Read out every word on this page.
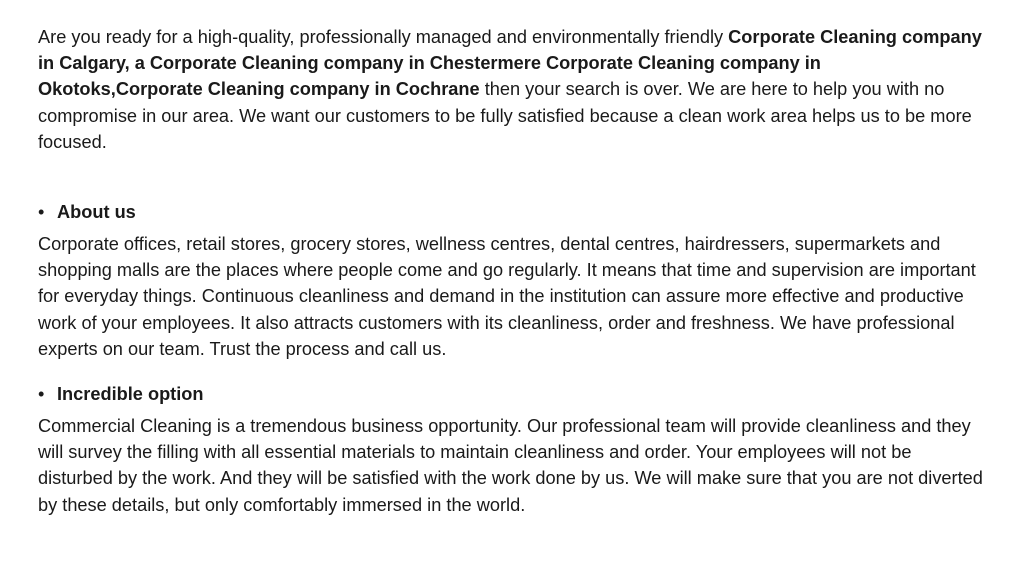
Are you ready for a high-quality, professionally managed and environmentally friendly Corporate Cleaning company in Calgary, a Corporate Cleaning company in Chestermere Corporate Cleaning company in Okotoks,Corporate Cleaning company in Cochrane then your search is over. We are here to help you with no compromise in our area. We want our customers to be fully satisfied because a clean work area helps us to be more focused.

• About us

Corporate offices, retail stores, grocery stores, wellness centres, dental centres, hairdressers, supermarkets and shopping malls are the places where people come and go regularly. It means that time and supervision are important for everyday things. Continuous cleanliness and demand in the institution can assure more effective and productive work of your employees. It also attracts customers with its cleanliness, order and freshness. We have professional experts on our team. Trust the process and call us.

• Incredible option

Commercial Cleaning is a tremendous business opportunity. Our professional team will provide cleanliness and they will survey the filling with all essential materials to maintain cleanliness and order. Your employees will not be disturbed by the work. And they will be satisfied with the work done by us. We will make sure that you are not diverted by these details, but only comfortably immersed in the world.
